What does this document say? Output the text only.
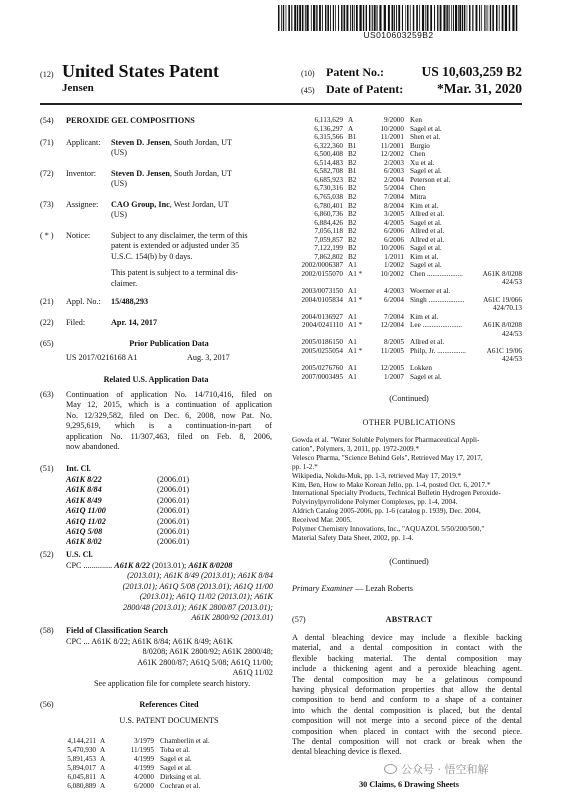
US010603259B2
(12) United States Patent
Jensen
(10) Patent No.:	US 10,603,259 B2
(45) Date of Patent:	*Mar. 31, 2020
(54) PEROXIDE GEL COMPOSITIONS
(71) Applicant: Steven D. Jensen, South Jordan, UT
(US)
(72) Inventor: Steven D. Jensen, South Jordan, UT
(US)
(73) Assignee: CAO Group, Inc, West Jordan, UT
(US)
( * ) Notice:	Subject to any disclaimer, the term of this
patent is extended or adjusted under 35
U.S.C. 154(b) by 0 days.
This patent is subject to a terminal dis-
claimer.
(21) Appl. No.: 15/488,293
(22) Filed:	Apr. 14, 2017
(65)	Prior Publication Data
US 2017/0216168 A1	Aug. 3, 2017
Related U.S. Application Data
(63) Continuation of application No. 14/710,416, filed on
May 12, 2015, which is a continuation of application
No. 12/329,582, filed on Dec. 6, 2008, now Pat. No.
9,295,619, which is a continuation-in-part of
application No. 11/307,463, filed on Feb. 8, 2006,
now abandoned.
(51) Int. Cl.
A61K 8/22	(2006.01)
A61K 8/84	(2006.01)
A61K 8/49	(2006.01)
A61Q 11/00	(2006.01)
A61Q 11/02	(2006.01)
A61Q 5/08	(2006.01)
A61K 8/02	(2006.01)
(52) U.S. Cl.
CPC .............. A61K 8/22 (2013.01); A61K 8/0208
(2013.01); A61K 8/49 (2013.01); A61K 8/84
(2013.01); A61Q 5/08 (2013.01); A61Q 11/00
(2013.01); A61Q 11/02 (2013.01); A61K
2800/48 (2013.01); A61K 2800/87 (2013.01);
A61K 2800/92 (2013.01)
(58) Field of Classification Search
CPC ... A61K 8/22; A61K 8/84; A61K 8/49; A61K
8/0208; A61K 2800/92; A61K 2800/48;
A61K 2800/87; A61Q 5/08; A61Q 11/00;
A61Q 11/02
See application file for complete search history.
(56)	References Cited
U.S. PATENT DOCUMENTS
4,144,211 A	3/1979 Chamberlin et al.
5,470,930 A	11/1995 Toba et al.
5,891,453 A	4/1999 Sagel et al.
5,894,017 A	4/1999 Sagel et al.
6,045,811 A	4/2000 Dirksing et al.
6,080,889 A	6/2000 Cochran et al.
6,113,629 A	9/2000 Ken
6,136,297 A	10/2000 Sagel et al.
6,315,566 B1	11/2001 Shen et al.
6,322,360 B1	11/2001 Burgio
6,500,408 B2	12/2002 Chen
6,514,483 B2	2/2003 Xu et al.
6,582,708 B1	6/2003 Sagel et al.
6,685,923 B2	2/2004 Peterson et al.
6,730,316 B2	5/2004 Chen
6,765,038 B2	7/2004 Mitra
6,780,401 B2	8/2004 Kim et al.
6,860,736 B2	3/2005 Allred et al.
6,884,426 B2	4/2005 Sagel et al.
7,056,118 B2	6/2006 Allred et al.
7,059,857 B2	6/2006 Allred et al.
7,122,199 B2	10/2006 Sagel et al.
7,862,802 B2	1/2011 Kim et al.
2002/0006387 A1	1/2002 Sagel et al.
2002/0155070 A1 *	10/2002 Chen ....................	A61K 8/0208
424/53
2003/0073150 A1	4/2003 Woerner et al.
2004/0105834 A1 *	6/2004 Singh ....................	A61C 19/066
424/70.13
2004/0136927 A1	7/2004 Kim et al.
2004/0241110 A1 *	12/2004 Lee ......................	A61K 8/0208
424/53
2005/0186150 A1	8/2005 Allred et al.
2005/0255054 A1 *	11/2005 Philp, Jr. ................	A61C 19/06
424/53
2005/0276760 A1	12/2005 Lokken
2007/0003495 A1	1/2007 Sagel et al.
(Continued)
OTHER PUBLICATIONS
Gowda et al. "Water Soluble Polymers for Pharmaceutical Appli-
cation", Polymers, 3, 2011, pp. 1972-2009.*
Velesco Pharma, "Science Behind Gels", Retrieved May 17, 2017,
pp. 1-2.*
Wikipedia, Nokdu-Muk, pp. 1-3, retrieved May 17, 2019.*
Kim, Ben, How to Make Korean Jello, pp. 1-4, posted Oct. 6, 2017.*
International Specialty Products, Technical Bulletin Hydrogen Peroxide-
Polyvinylpyrrolidone Polymer Complexes, pp. 1-4, 2004.
Aldrich Catalog 2005-2006, pp. 1-6 (catalog p. 1939), Dec. 2004,
Received Mar. 2005.
Polymer Chemistry Innovations, Inc., "AQUAZOL 5/50/200/500,"
Material Safety Data Sheet, 2002, pp. 1-4.
(Continued)
Primary Examiner — Lezah Roberts
(57)	ABSTRACT
A dental bleaching device may include a flexible backing
material, and a dental composition in contact with the
flexible backing material. The dental composition may
include a thickening agent and a peroxide bleaching agent.
The dental composition may be a gelatinous compound
having physical deformation properties that allow the dental
composition to bend and conform to a shape of a container
into which the dental composition is placed, but the dental
composition will not merge into a second piece of the dental
composition when placed in contact with the second piece.
The dental composition will not crack or break when the
dental bleaching device is flexed.
30 Claims, 6 Drawing Sheets
公众号 · 悟空和解
